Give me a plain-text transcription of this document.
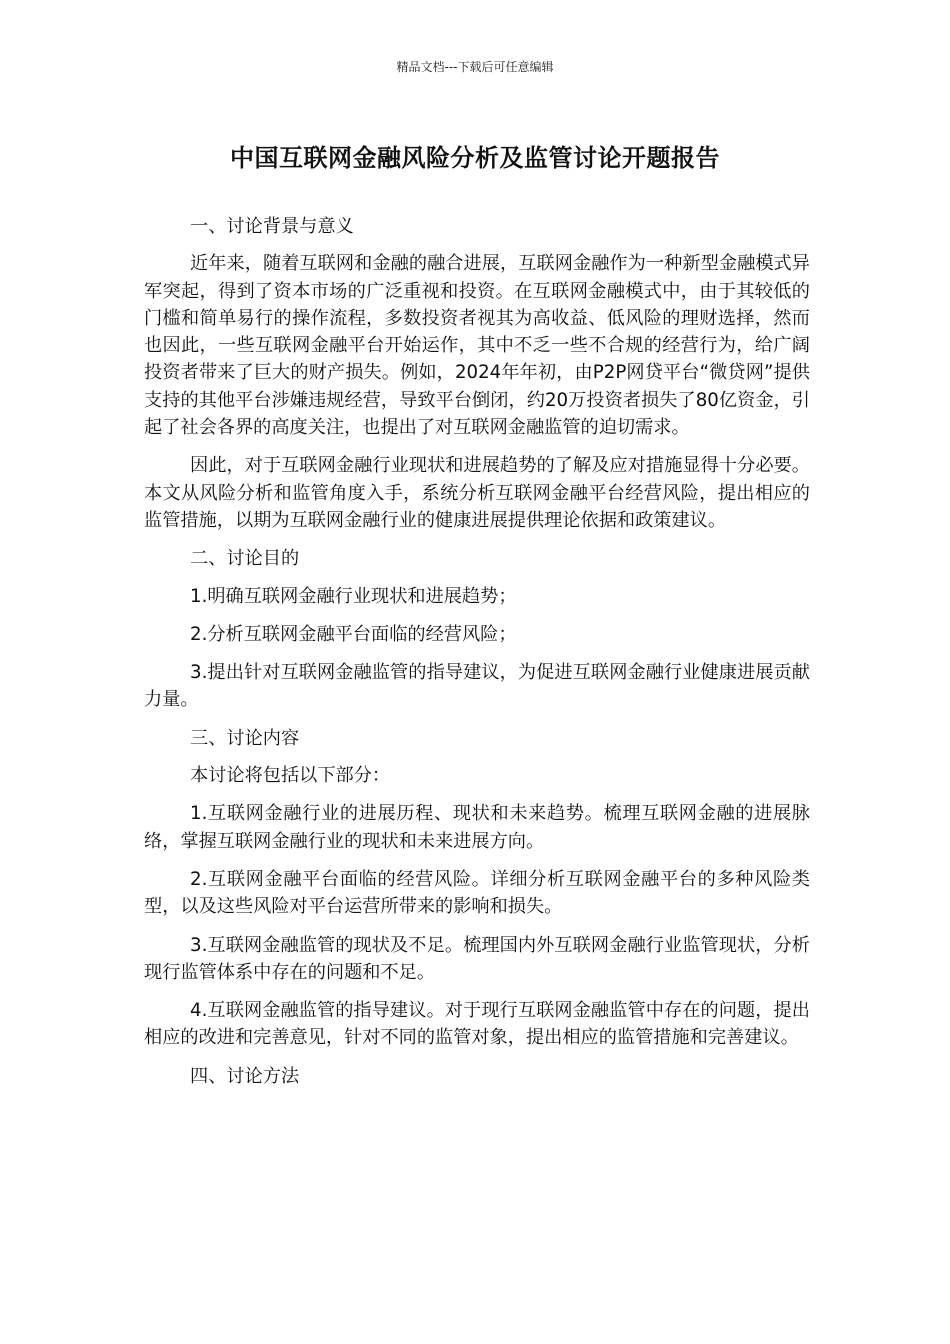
精品文档---下载后可任意编辑
中国互联网金融风险分析及监管讨论开题报告

一、讨论背景与意义

近年来，随着互联网和金融的融合进展，互联网金融作为一种新型金融模式异军突起，得到了资本市场的广泛重视和投资。在互联网金融模式中，由于其较低的门槛和简单易行的操作流程，多数投资者视其为高收益、低风险的理财选择，然而也因此，一些互联网金融平台开始运作，其中不乏一些不合规的经营行为，给广阔投资者带来了巨大的财产损失。例如，2024年年初，由P2P网贷平台“微贷网”提供支持的其他平台涉嫌违规经营，导致平台倒闭，约20万投资者损失了80亿资金，引起了社会各界的高度关注，也提出了对互联网金融监管的迫切需求。

因此，对于互联网金融行业现状和进展趋势的了解及应对措施显得十分必要。本文从风险分析和监管角度入手，系统分析互联网金融平台经营风险，提出相应的监管措施，以期为互联网金融行业的健康进展提供理论依据和政策建议。

二、讨论目的

1.明确互联网金融行业现状和进展趋势；

2.分析互联网金融平台面临的经营风险；

3.提出针对互联网金融监管的指导建议，为促进互联网金融行业健康进展贡献力量。

三、讨论内容

本讨论将包括以下部分：

1.互联网金融行业的进展历程、现状和未来趋势。梳理互联网金融的进展脉络，掌握互联网金融行业的现状和未来进展方向。

2.互联网金融平台面临的经营风险。详细分析互联网金融平台的多种风险类型，以及这些风险对平台运营所带来的影响和损失。

3.互联网金融监管的现状及不足。梳理国内外互联网金融行业监管现状，分析现行监管体系中存在的问题和不足。

4.互联网金融监管的指导建议。对于现行互联网金融监管中存在的问题，提出相应的改进和完善意见，针对不同的监管对象，提出相应的监管措施和完善建议。

四、讨论方法
